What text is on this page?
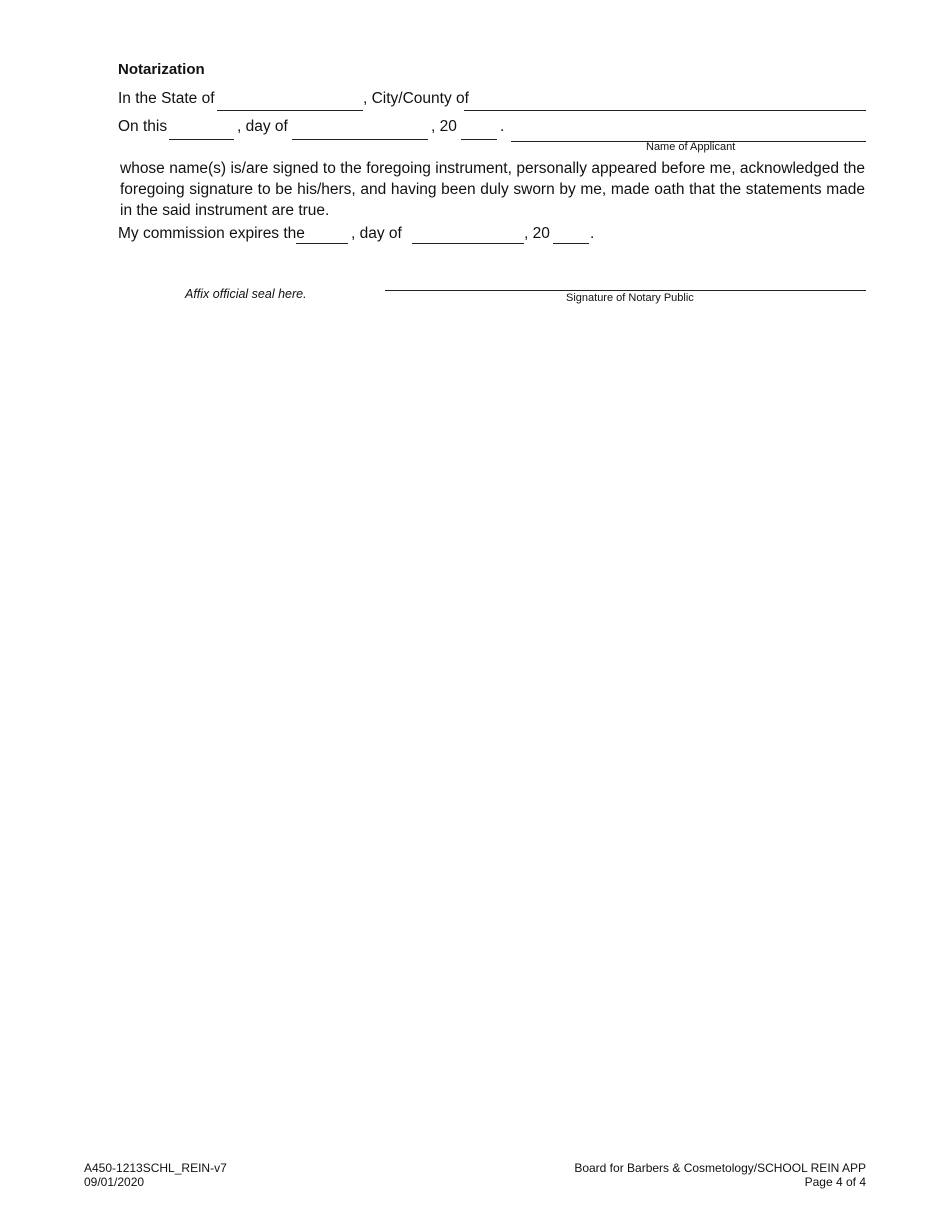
Notarization
In the State of	, City/County of
On this	, day of	, 20	.
Name of Applicant
whose name(s) is/are signed to the foregoing instrument, personally appeared before me, acknowledged the foregoing signature to be his/hers, and having been duly sworn by me, made oath that the statements made in the said instrument are true.
My commission expires the	, day of	, 20	.
Affix official seal here.	Signature of Notary Public
A450-1213SCHL_REIN-v7
09/01/2020
Board for Barbers & Cosmetology/SCHOOL REIN APP
Page 4 of 4
